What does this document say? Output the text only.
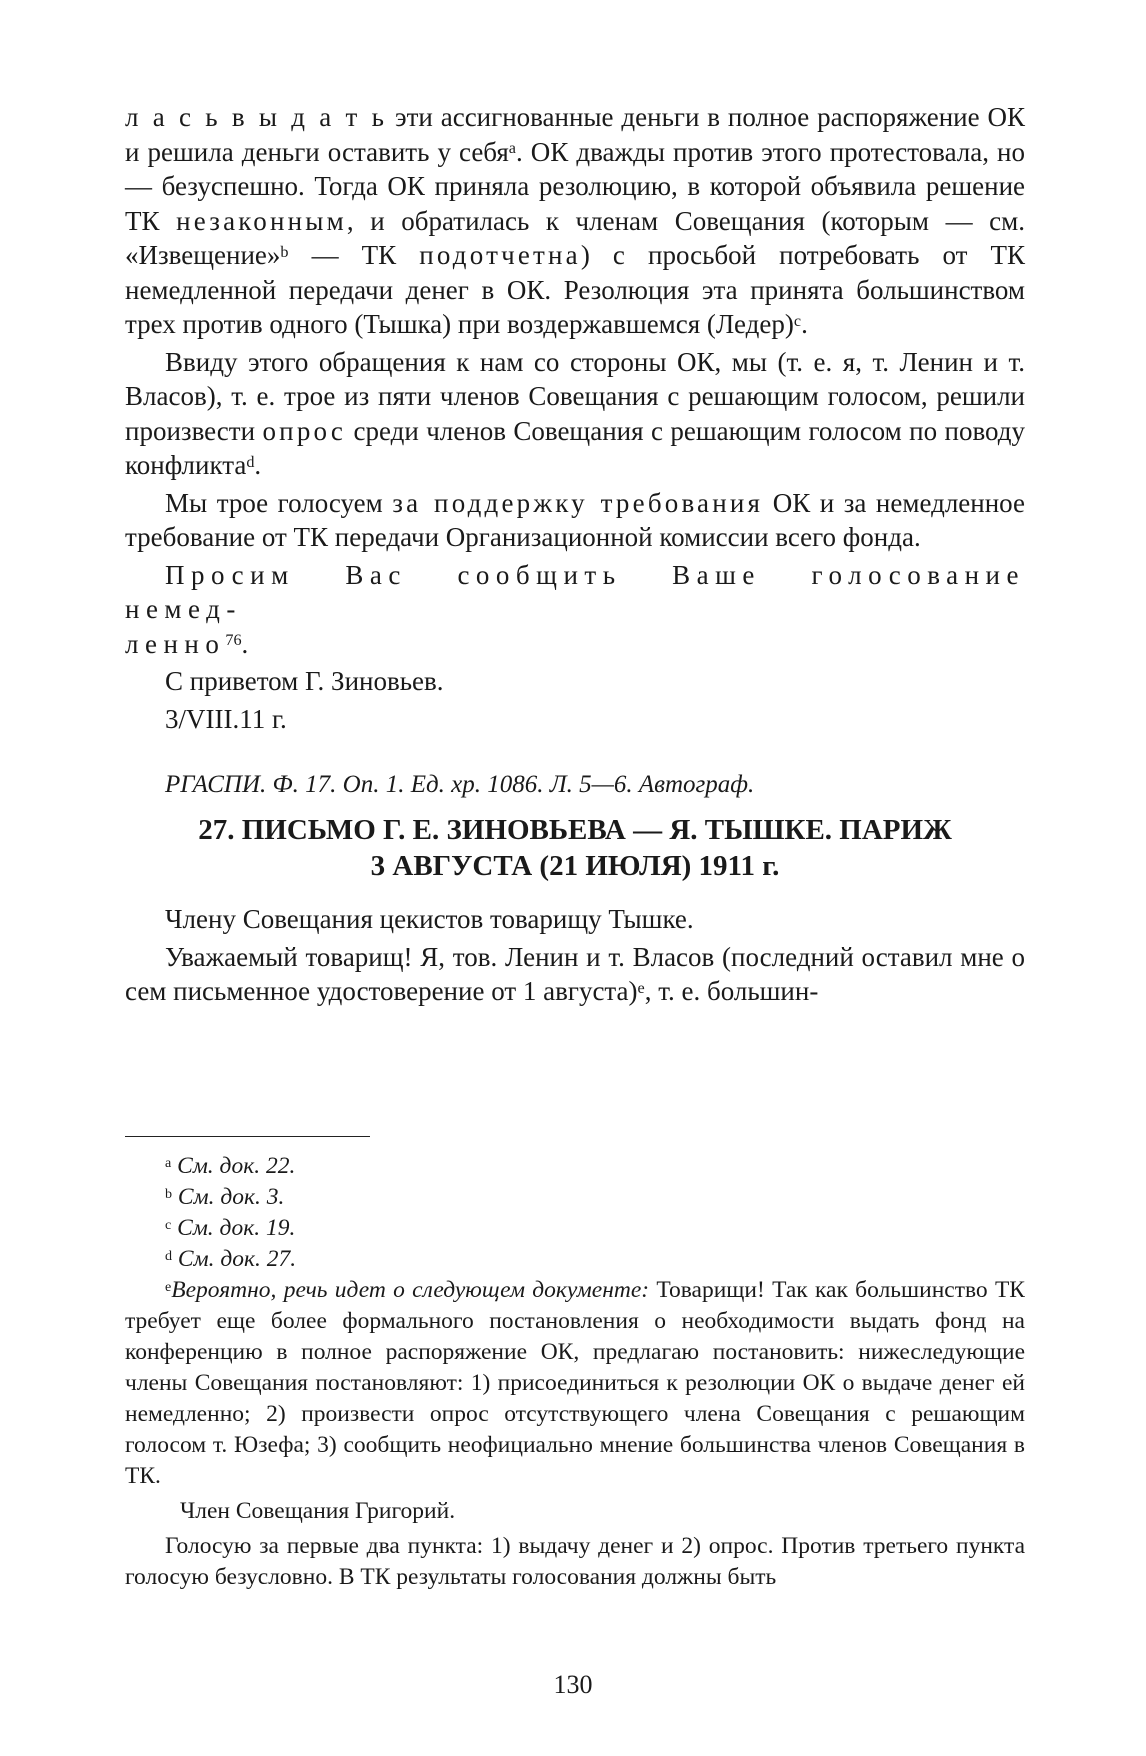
л а с ь в ы д а т ь эти ассигнованные деньги в полное распоряжение ОК и решила деньги оставить у себя$^a$. ОК дважды против этого протестовала, но — безуспешно. Тогда ОК приняла резолюцию, в которой объявила решение ТК незаконным, и обратилась к членам Совещания (которым — см. «Извещение»$^b$ — ТК подотчетна) с просьбой потребовать от ТК немедленной передачи денег в ОК. Резолюция эта принята большинством трех против одного (Тышка) при воздержавшемся (Ледер)$^c$.

Ввиду этого обращения к нам со стороны ОК, мы (т. е. я, т. Ленин и т. Власов), т. е. трое из пяти членов Совещания с решающим голосом, решили произвести опрос среди членов Совещания с решающим голосом по поводу конфликта$^d$.

Мы трое голосуем за поддержку требования ОК и за немедленное требование от ТК передачи Организационной комиссии всего фонда.

Просим Вас сообщить Ваше голосование немед-
ленно$^{76}$.

С приветом Г. Зиновьев.

3/VIII.11 г.

РГАСПИ. Ф. 17. Оп. 1. Ед. хр. 1086. Л. 5—6. Автограф.

27. ПИСЬМО Г. Е. ЗИНОВЬЕВА — Я. ТЫШКЕ. ПАРИЖ
3 АВГУСТА (21 ИЮЛЯ) 1911 г.

Члену Совещания цекистов товарищу Тышке.

Уважаемый товарищ! Я, тов. Ленин и т. Власов (последний оставил мне о сем письменное удостоверение от 1 августа)$^e$, т. е. большин-

$^a$ См. док. 22.

$^b$ См. док. 3.

$^c$ См. док. 19.

$^d$ См. док. 27.

$^e$Вероятно, речь идет о следующем документе: Товарищи! Так как большинство ТК требует еще более формального постановления о необходимости выдать фонд на конференцию в полное распоряжение ОК, предлагаю постановить: нижеследующие члены Совещания постановляют: 1) присоединиться к резолюции ОК о выдаче денег ей немедленно; 2) произвести опрос отсутствующего члена Совещания с решающим голосом т. Юзефа; 3) сообщить неофициально мнение большинства членов Совещания в ТК.

Член Совещания Григорий.

Голосую за первые два пункта: 1) выдачу денег и 2) опрос. Против третьего пункта голосую безусловно. В ТК результаты голосования должны быть

130
